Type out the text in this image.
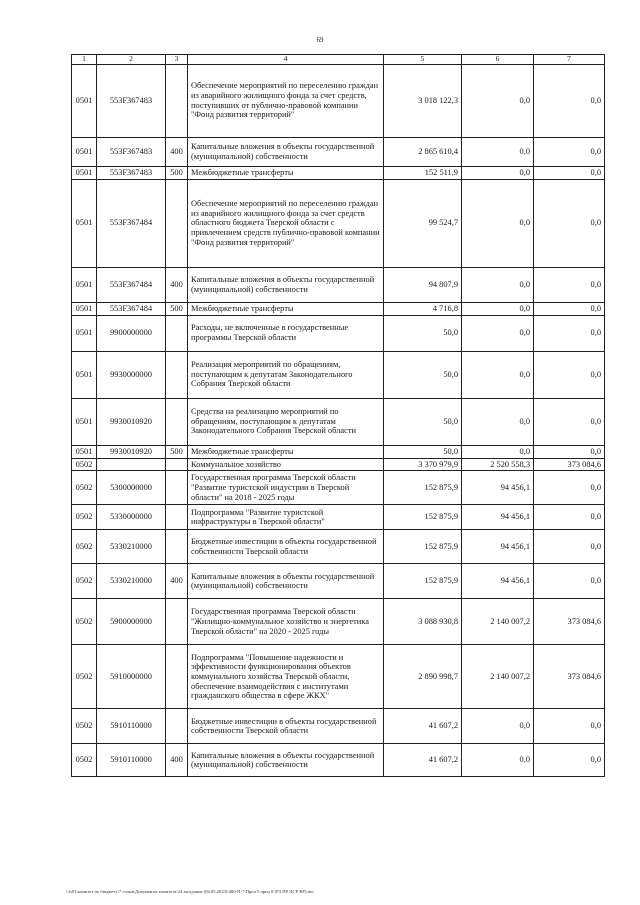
69
1	2	3	4	5	6	7
0501	553F367483		Обеспечение мероприятий по переселению граждан из аварийного жилищного фонда за счет средств, поступивших от публично-правовой компании "Фонд развития территорий"	3 018 122,3	0,0	0,0
0501	553F367483	400	Капитальные вложения в объекты государственной (муниципальной) собственности	2 865 610,4	0,0	0,0
0501	553F367483	500	Межбюджетные трансферты	152 511,9	0,0	0,0
0501	553F367484		Обеспечение мероприятий по переселению граждан из аварийного жилищного фонда за счет средств областного бюджета Тверской области с привлечением средств публично-правовой компании "Фонд развития территорий"	99 524,7	0,0	0,0
0501	553F367484	400	Капитальные вложения в объекты государственной (муниципальной) собственности	94 807,9	0,0	0,0
0501	553F367484	500	Межбюджетные трансферты	4 716,8	0,0	0,0
0501	9900000000		Расходы, не включенные в государственные программы Тверской области	50,0	0,0	0,0
0501	9930000000		Реализация мероприятий по обращениям, поступающим к депутатам Законодательного Собрания Тверской области	50,0	0,0	0,0
0501	9930010920		Средства на реализацию мероприятий по обращениям, поступающим к депутатам Законодательного Собрания Тверской области	50,0	0,0	0,0
0501	9930010920	500	Межбюджетные трансферты	50,0	0,0	0,0
0502			Коммунальное хозяйство	3 370 979,9	2 520 558,3	373 084,6
0502	5300000000		Государственная программа Тверской области "Развитие туристской индустрии в Тверской области" на 2018 - 2025 годы	152 875,9	94 456,1	0,0
0502	5330000000		Подпрограмма "Развитие туристской инфраструктуры в Тверской области"	152 875,9	94 456,1	0,0
0502	5330210000		Бюджетные инвестиции в объекты государственной собственности Тверской области	152 875,9	94 456,1	0,0
0502	5330210000	400	Капитальные вложения в объекты государственной (муниципальной) собственности	152 875,9	94 456,1	0,0
0502	5900000000		Государственная программа Тверской области "Жилищно-коммунальное хозяйство и энергетика Тверской области" на 2020 - 2025 годы	3 088 930,8	2 140 007,2	373 084,6
0502	5910000000		Подпрограмма "Повышение надежности и эффективности функционирования объектов коммунального хозяйства Тверской области, обеспечение взаимодействия с институтами гражданского общества в сфере ЖКХ"	2 890 998,7	2 140 007,2	373 084,6
0502	5910110000		Бюджетные инвестиции в объекты государственной собственности Тверской области	41 607,2	0,0	0,0
0502	5910110000	400	Капитальные вложения в объекты государственной (муниципальной) собственности	41 607,2	0,0	0,0
\\fs01\комитет по бюджету\7 созыв\Документы комитета\24 заседание (04.05.2023)\480-П-7\Прил 5 прил 8 (РЗ ПР ЦСР ВР).doc
